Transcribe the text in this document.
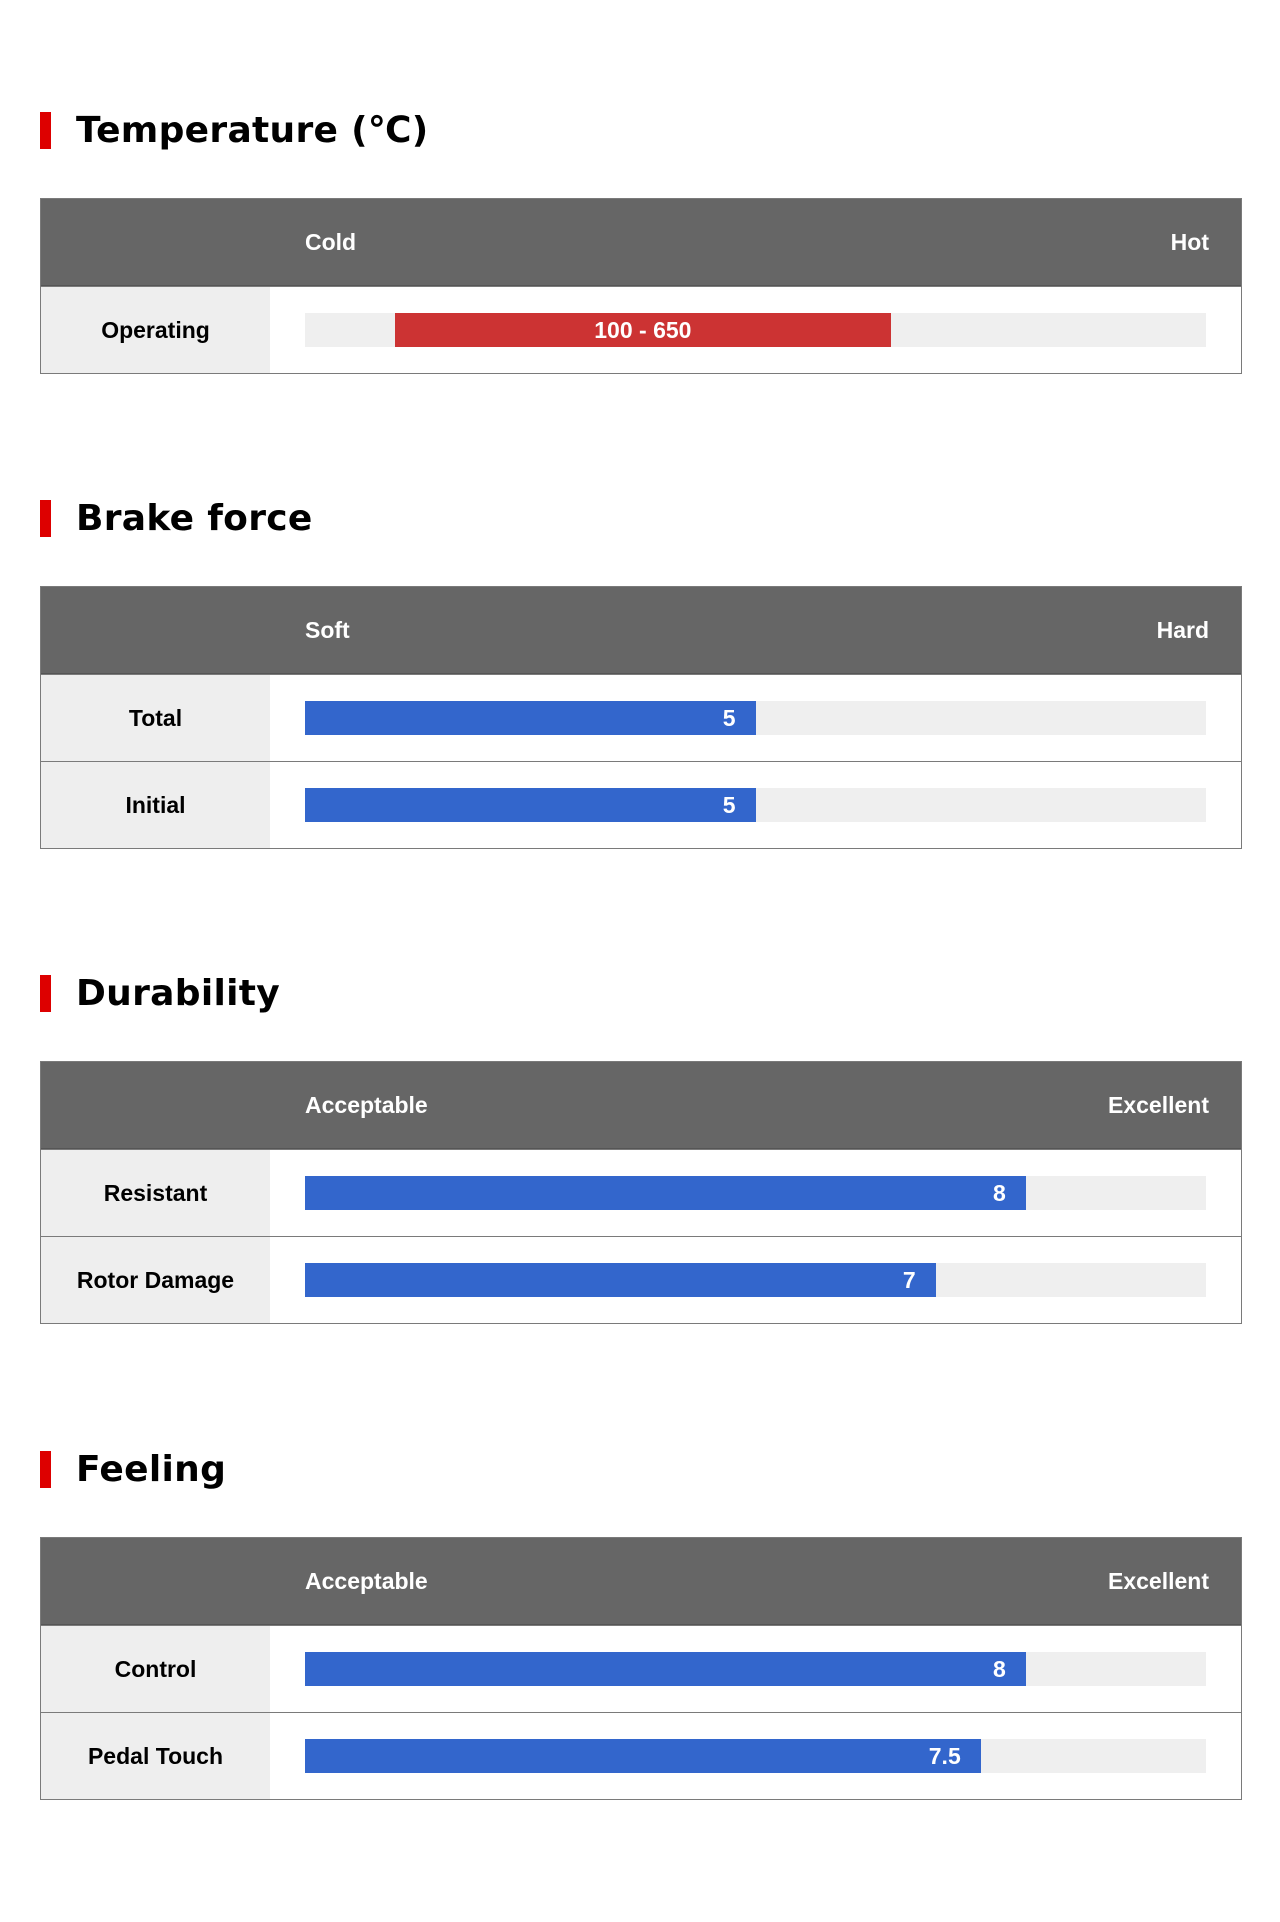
Temperature (℃)
Cold	Hot
Operating	100 - 650
Brake force
Soft	Hard
Total	5
Initial	5
Durability
Acceptable	Excellent
Resistant	8
Rotor Damage	7
Feeling
Acceptable	Excellent
Control	8
Pedal Touch	7.5
